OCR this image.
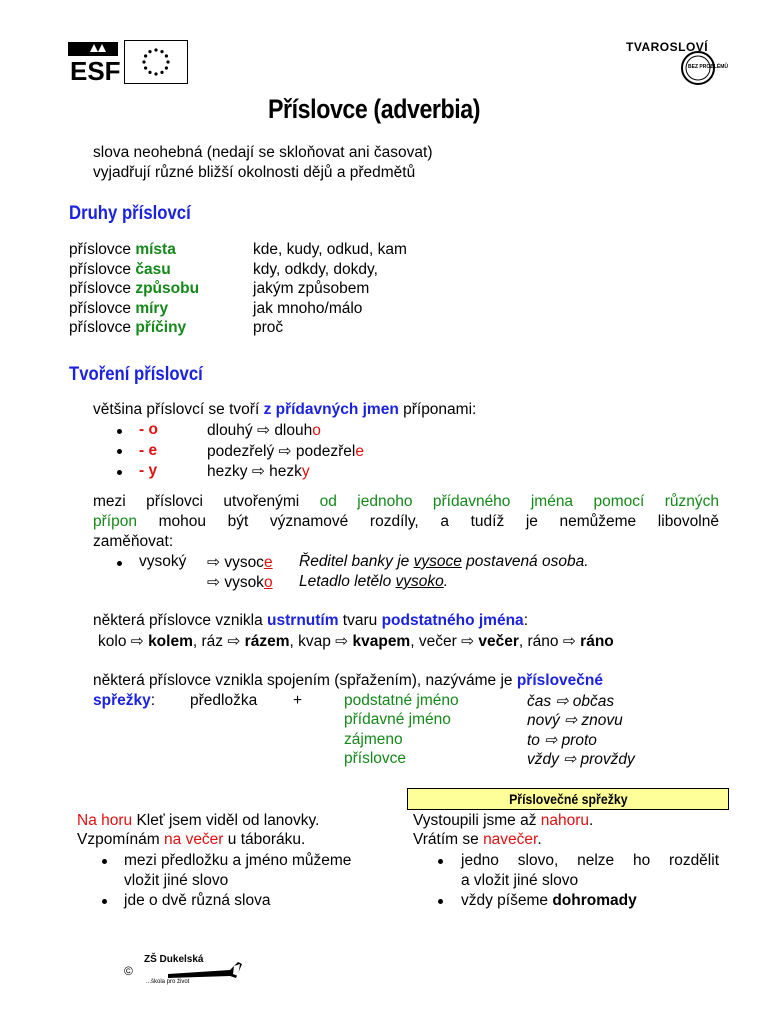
ESF
TVAROSLOVÍ
BEZ PROBLÉMŮ
Příslovce (adverbia)
slova neohebná (nedají se skloňovat ani časovat)
vyjadřují různé bližší okolnosti dějů a předmětů
Druhy příslovcí
příslovce místa	kde, kudy, odkud, kam
příslovce času	kdy, odkdy, dokdy,
příslovce způsobu	jakým způsobem
příslovce míry	jak mnoho/málo
příslovce příčiny	proč
Tvoření příslovcí
většina příslovcí se tvoří z přídavných jmen příponami:
- o	dlouhý ⇨ dlouho
- e	podezřelý ⇨ podezřele
- y	hezky ⇨ hezky
mezi příslovci utvořenými od jednoho přídavného jména pomocí různých
přípon mohou být významové rozdíly, a tudíž je nemůžeme libovolně
zaměňovat:
vysoký ⇨ vysoce Ředitel banky je vysoce postavená osoba.
⇨ vysoko Letadlo letělo vysoko.
některá příslovce vznikla ustrnutím tvaru podstatného jména:
kolo ⇨ kolem, ráz ⇨ rázem, kvap ⇨ kvapem, večer ⇨ večer, ráno ⇨ ráno
některá příslovce vznikla spojením (spřažením), nazýváme je příslovečné
spřežky: předložka +	podstatné jméno	čas ⇨ občas
přídavné jméno	nový ⇨ znovu
zájmeno	to ⇨ proto
příslovce	vždy ⇨ provždy
Příslovečné spřežky
Na horu Kleť jsem viděl od lanovky.
Vzpomínám na večer u táboráku.
mezi předložku a jméno můžeme
vložit jiné slovo
jde o dvě různá slova
Vystoupili jsme až nahoru.
Vrátím se navečer.
jedno slovo, nelze ho rozdělit
a vložit jiné slovo
vždy píšeme dohromady
©
ZŠ Dukelská
...škola pro život
